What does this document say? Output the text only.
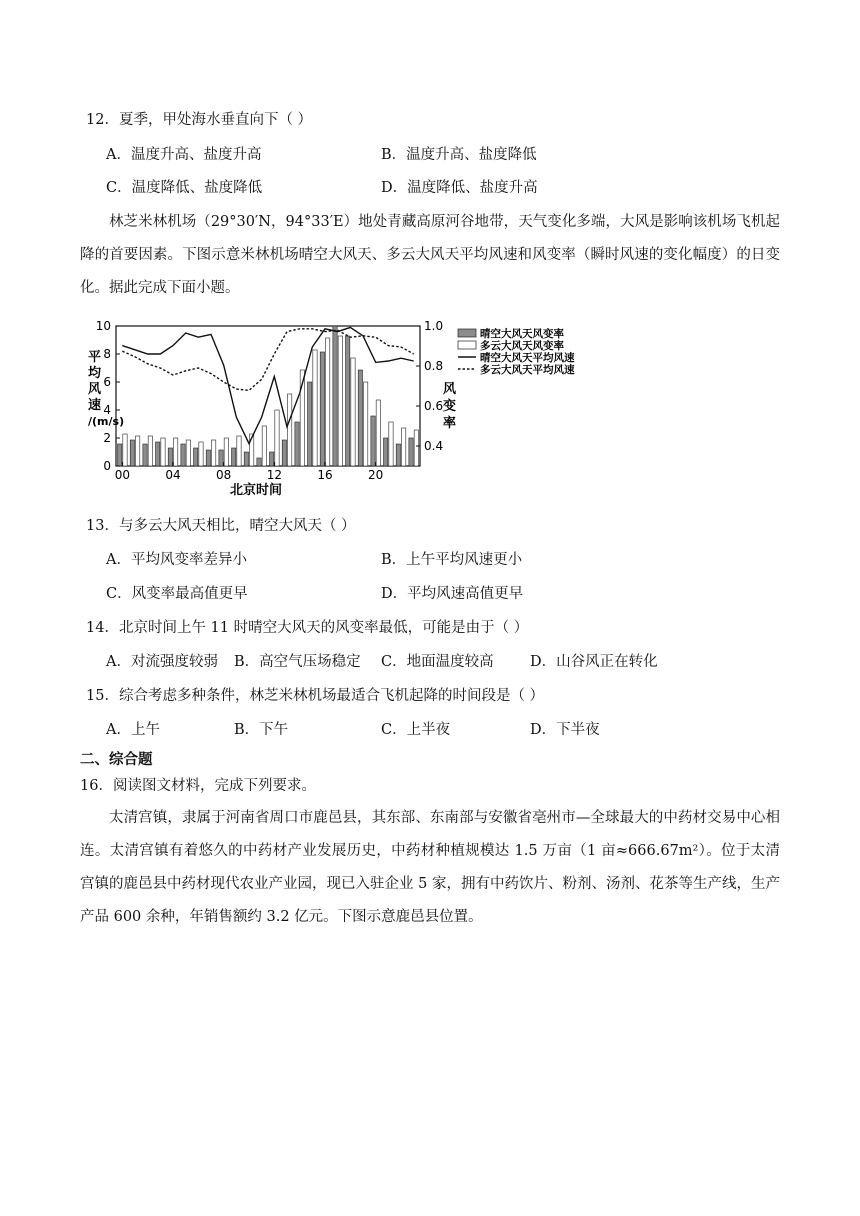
12．夏季，甲处海水垂直向下（ ）
A．温度升高、盐度升高	B．温度升高、盐度降低
C．温度降低、盐度降低	D．温度降低、盐度升高

林芝米林机场（29°30′N，94°33′E）地处青藏高原河谷地带，天气变化多端，大风是影响该机场飞机起降的首要因素。下图示意米林机场晴空大风天、多云大风天平均风速和风变率（瞬时风速的变化幅度）的日变化。据此完成下面小题。

0
2
4
6
8
10
0.4
0.6
0.8
1.0
00	04	08	12	16	20
晴空大风天风变率
多云大风天风变率
晴空大风天平均风速
多云大风天平均风速
北京时间
平均风速/(m/s)
风变率
13．与多云大风天相比，晴空大风天（ ）
A．平均风变率差异小	B．上午平均风速更小
C．风变率最高值更早	D．平均风速高值更早
14．北京时间上午 11 时晴空大风天的风变率最低，可能是由于（ ）
A．对流强度较弱 B．高空气压场稳定 C．地面温度较高	D．山谷风正在转化
15．综合考虑多种条件，林芝米林机场最适合飞机起降的时间段是（ ）
A．上午	B．下午	C．上半夜	D．下半夜
二、综合题
16．阅读图文材料，完成下列要求。

太清宫镇，隶属于河南省周口市鹿邑县，其东部、东南部与安徽省亳州市—全球最大的中药材交易中心相连。太清宫镇有着悠久的中药材产业发展历史，中药材种植规模达 1.5 万亩（1 亩≈666.67m²）。位于太清宫镇的鹿邑县中药材现代农业产业园，现已入驻企业 5 家，拥有中药饮片、粉剂、汤剂、花茶等生产线，生产产品 600 余种，年销售额约 3.2 亿元。下图示意鹿邑县位置。
